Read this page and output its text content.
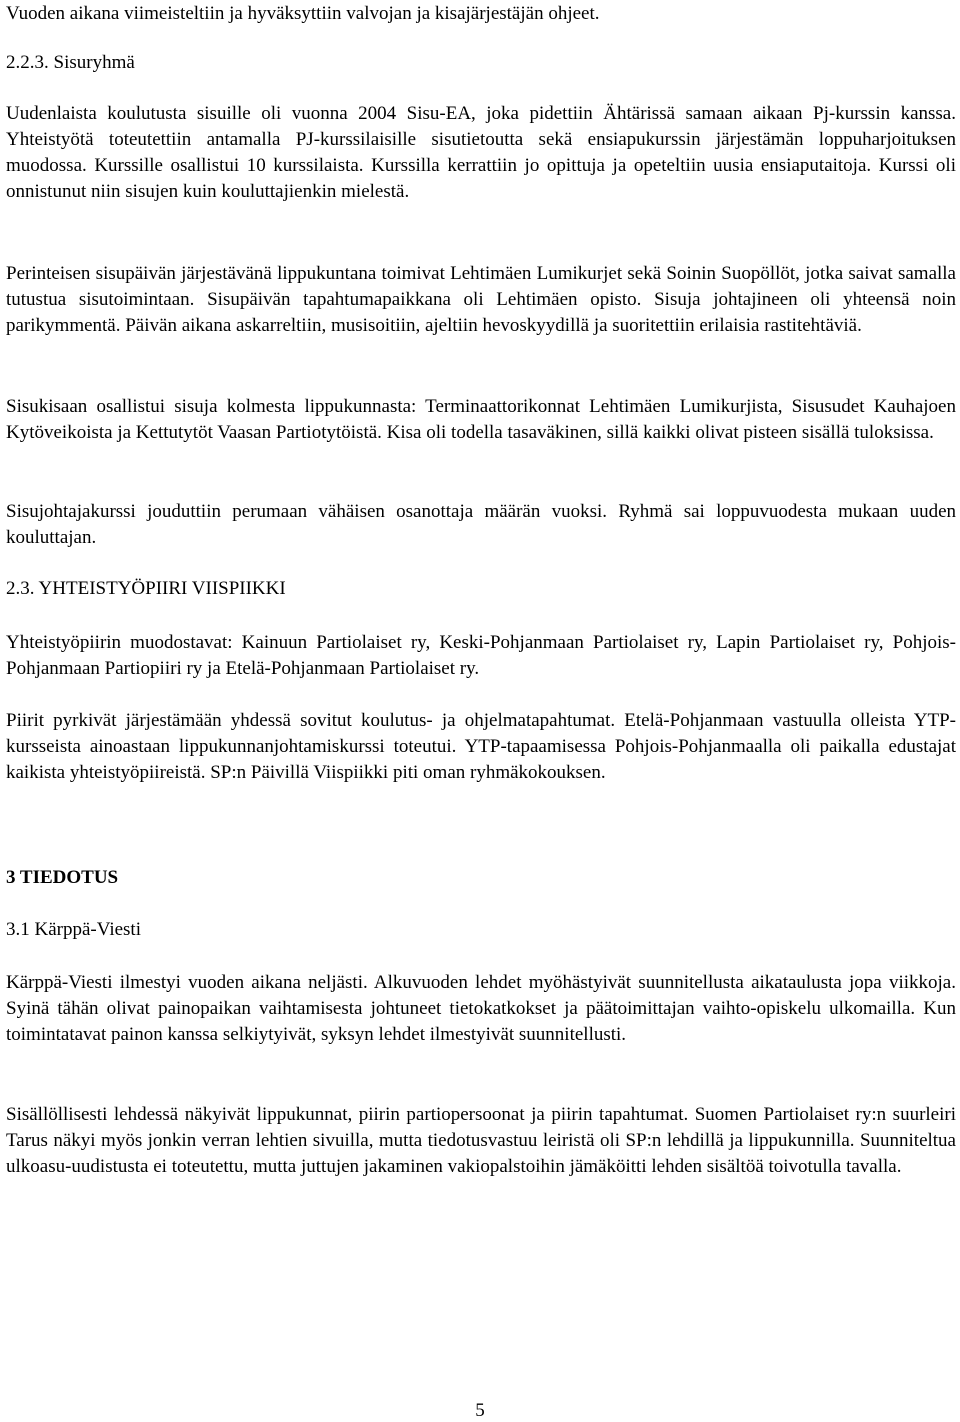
Vuoden aikana viimeisteltiin ja hyväksyttiin valvojan ja kisajärjestäjän ohjeet.

2.2.3. Sisuryhmä

Uudenlaista koulutusta sisuille oli vuonna 2004 Sisu-EA, joka pidettiin Ähtärissä samaan aikaan Pj-kurssin kanssa. Yhteistyötä toteutettiin antamalla PJ-kurssilaisille sisutietoutta sekä ensiapukurssin järjestämän loppuharjoituksen muodossa. Kurssille osallistui 10 kurssilaista. Kurssilla kerrattiin jo opittuja ja opeteltiin uusia ensiaputaitoja. Kurssi oli onnistunut niin sisujen kuin kouluttajienkin mielestä.

Perinteisen sisupäivän järjestävänä lippukuntana toimivat Lehtimäen Lumikurjet sekä Soinin Suopöllöt, jotka saivat samalla tutustua sisutoimintaan. Sisupäivän tapahtumapaikkana oli Lehtimäen opisto. Sisuja johtajineen oli yhteensä noin parikymmentä. Päivän aikana askarreltiin, musisoitiin, ajeltiin hevoskyydillä ja suoritettiin erilaisia rastitehtäviä.

Sisukisaan osallistui sisuja kolmesta lippukunnasta: Terminaattorikonnat Lehtimäen Lumikurjista, Sisusudet Kauhajoen Kytöveikoista ja Kettutytöt Vaasan Partiotytöistä. Kisa oli todella tasaväkinen, sillä kaikki olivat pisteen sisällä tuloksissa.

Sisujohtajakurssi jouduttiin perumaan vähäisen osanottaja määrän vuoksi. Ryhmä sai loppuvuodesta mukaan uuden kouluttajan.

2.3. YHTEISTYÖPIIRI VIISPIIKKI

Yhteistyöpiirin muodostavat: Kainuun Partiolaiset ry, Keski-Pohjanmaan Partiolaiset ry, Lapin Partiolaiset ry, Pohjois-Pohjanmaan Partiopiiri ry ja Etelä-Pohjanmaan Partiolaiset ry.

Piirit pyrkivät järjestämään yhdessä sovitut koulutus- ja ohjelmatapahtumat. Etelä-Pohjanmaan vastuulla olleista YTP-kursseista ainoastaan lippukunnanjohtamiskurssi toteutui. YTP-tapaamisessa Pohjois-Pohjanmaalla oli paikalla edustajat kaikista yhteistyöpiireistä. SP:n Päivillä Viispiikki piti oman ryhmäkokouksen.

3 TIEDOTUS

3.1 Kärppä-Viesti

Kärppä-Viesti ilmestyi vuoden aikana neljästi. Alkuvuoden lehdet myöhästyivät suunnitellusta aikataulusta jopa viikkoja. Syinä tähän olivat painopaikan vaihtamisesta johtuneet tietokatkokset ja päätoimittajan vaihto-opiskelu ulkomailla. Kun toimintatavat painon kanssa selkiytyivät, syksyn lehdet ilmestyivät suunnitellusti.

Sisällöllisesti lehdessä näkyivät lippukunnat, piirin partiopersoonat ja piirin tapahtumat. Suomen Partiolaiset ry:n suurleiri Tarus näkyi myös jonkin verran lehtien sivuilla, mutta tiedotusvastuu leiristä oli SP:n lehdillä ja lippukunnilla. Suunniteltua ulkoasu-uudistusta ei toteutettu, mutta juttujen jakaminen vakiopalstoihin jämäköitti lehden sisältöä toivotulla tavalla.

5
